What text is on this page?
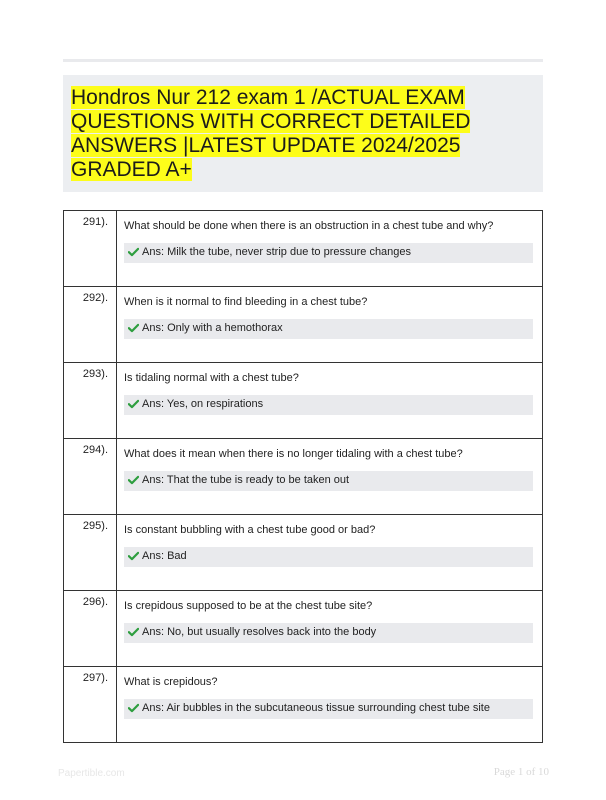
Hondros Nur 212 exam 1 /ACTUAL EXAM QUESTIONS WITH CORRECT DETAILED ANSWERS |LATEST UPDATE 2024/2025 GRADED A+

291).	What should be done when there is an obstruction in a chest tube and why?
Ans: Milk the tube, never strip due to pressure changes

292).	When is it normal to find bleeding in a chest tube?
Ans: Only with a hemothorax

293).	Is tidaling normal with a chest tube?
Ans: Yes, on respirations

294).	What does it mean when there is no longer tidaling with a chest tube?
Ans: That the tube is ready to be taken out

295).	Is constant bubbling with a chest tube good or bad?
Ans: Bad

296).	Is crepidous supposed to be at the chest tube site?
Ans: No, but usually resolves back into the body

297).	What is crepidous?
Ans: Air bubbles in the subcutaneous tissue surrounding chest tube site
Papertible.com	Page 1 of 10
